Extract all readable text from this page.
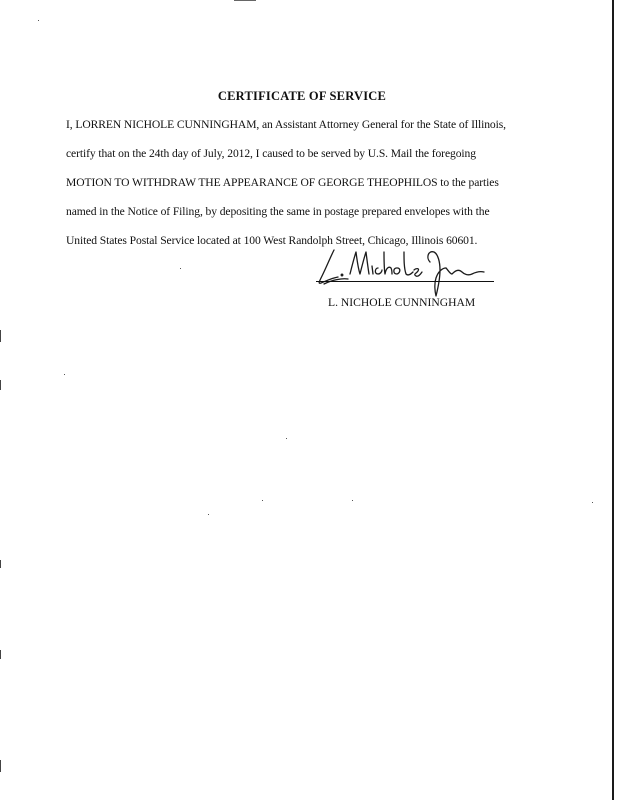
CERTIFICATE OF SERVICE
I, LORREN NICHOLE CUNNINGHAM, an Assistant Attorney General for the State of Illinois,
certify that on the 24th day of July, 2012, I caused to be served by U.S. Mail the foregoing
MOTION TO WITHDRAW THE APPEARANCE OF GEORGE THEOPHILOS to the parties
named in the Notice of Filing, by depositing the same in postage prepared envelopes with the
United States Postal Service located at 100 West Randolph Street, Chicago, Illinois 60601.
L. NICHOLE CUNNINGHAM
